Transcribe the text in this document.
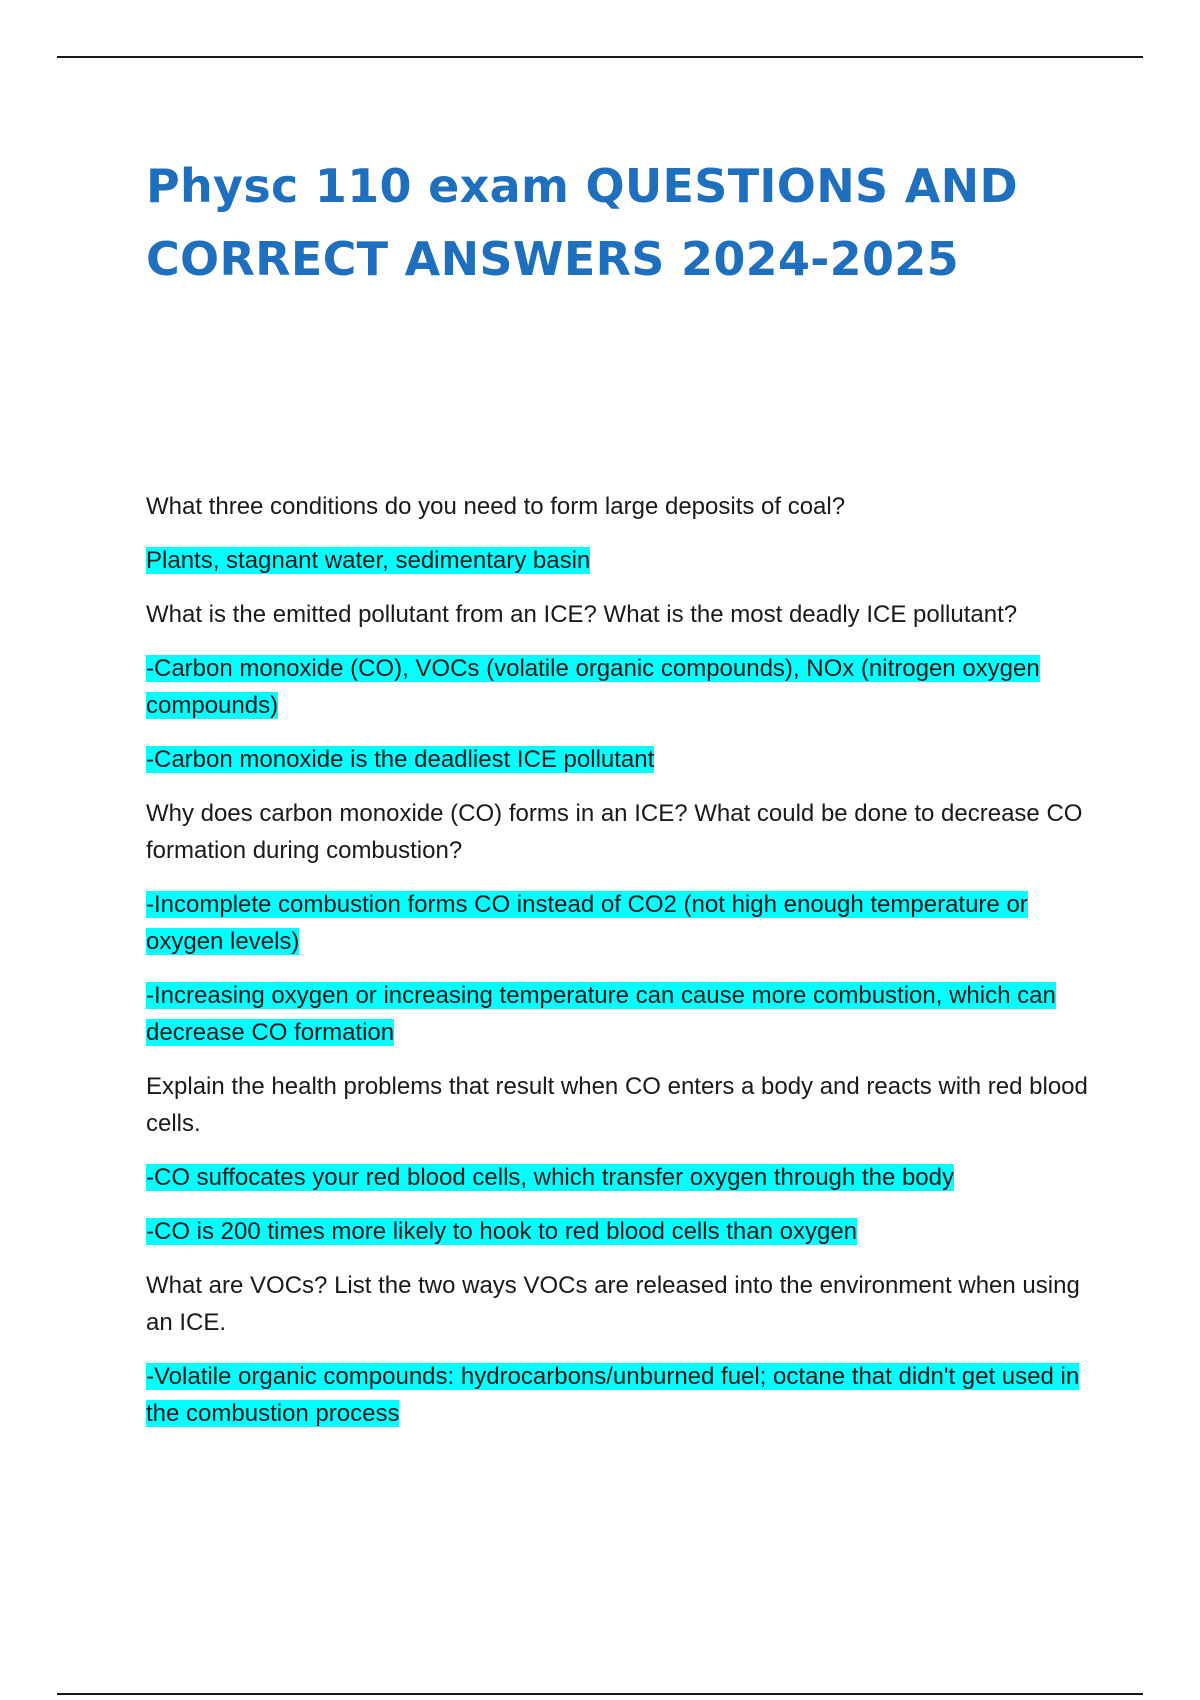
Physc 110 exam QUESTIONS AND CORRECT ANSWERS 2024-2025

What three conditions do you need to form large deposits of coal?

Plants, stagnant water, sedimentary basin

What is the emitted pollutant from an ICE? What is the most deadly ICE pollutant?

-Carbon monoxide (CO), VOCs (volatile organic compounds), NOx (nitrogen oxygen compounds)

-Carbon monoxide is the deadliest ICE pollutant

Why does carbon monoxide (CO) forms in an ICE? What could be done to decrease CO formation during combustion?

-Incomplete combustion forms CO instead of CO2 (not high enough temperature or oxygen levels)

-Increasing oxygen or increasing temperature can cause more combustion, which can decrease CO formation

Explain the health problems that result when CO enters a body and reacts with red blood cells.

-CO suffocates your red blood cells, which transfer oxygen through the body

-CO is 200 times more likely to hook to red blood cells than oxygen

What are VOCs? List the two ways VOCs are released into the environment when using an ICE.

-Volatile organic compounds: hydrocarbons/unburned fuel; octane that didn't get used in the combustion process
